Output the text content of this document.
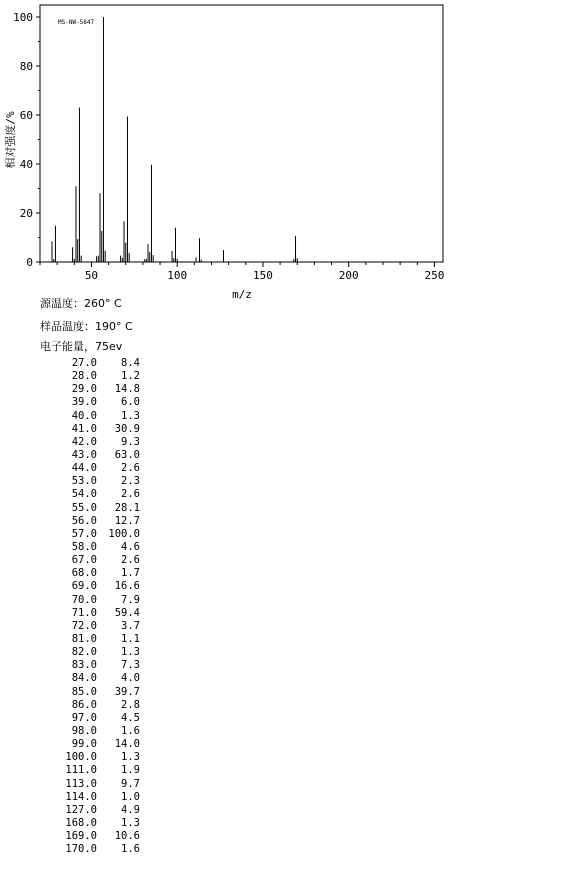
MS-NW-5847
0
20
40
60
80
100
50	100	150	200	250
m/z
相对强度/%
源温度：260° C
样品温度：190° C
电子能量，75ev
27.0 8.4
28.0 1.2
29.0 14.8
39.0 6.0
40.0 1.3
41.0 30.9
42.0 9.3
43.0 63.0
44.0 2.6
53.0 2.3
54.0 2.6
55.0 28.1
56.0 12.7
57.0 100.0
58.0 4.6
67.0 2.6
68.0 1.7
69.0 16.6
70.0 7.9
71.0 59.4
72.0 3.7
81.0 1.1
82.0 1.3
83.0 7.3
84.0 4.0
85.0 39.7
86.0 2.8
97.0 4.5
98.0 1.6
99.0 14.0
100.0 1.3
111.0 1.9
113.0 9.7
114.0 1.0
127.0 4.9
168.0 1.3
169.0 10.6
170.0 1.6
